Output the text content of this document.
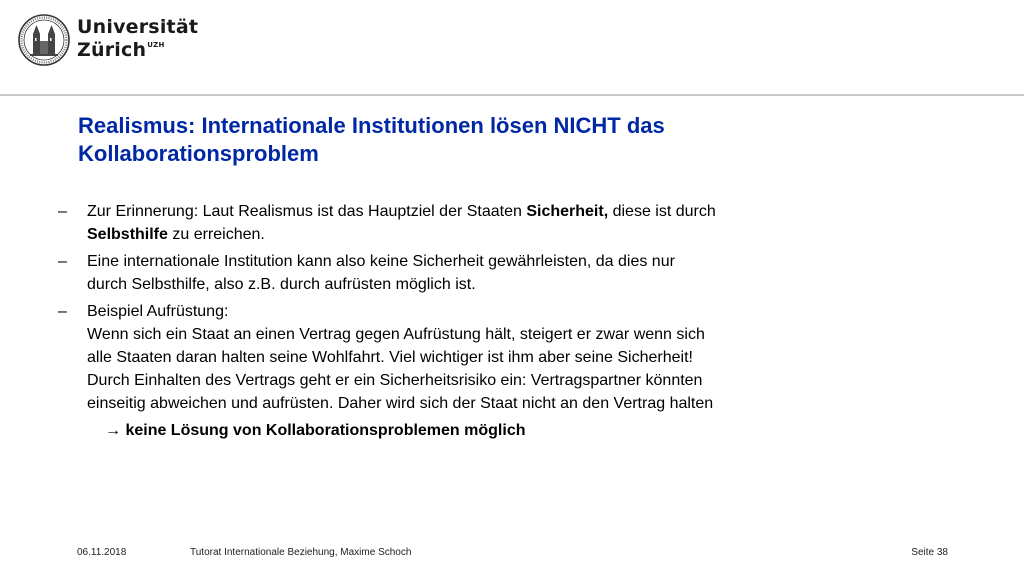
Universität
Zürich$^{UZH}$
Realismus: Internationale Institutionen lösen NICHT das
Kollaborationsproblem
– Zur Erinnerung: Laut Realismus ist das Hauptziel der Staaten Sicherheit, diese ist durch
Selbsthilfe zu erreichen.
– Eine internationale Institution kann also keine Sicherheit gewährleisten, da dies nur
durch Selbsthilfe, also z.B. durch aufrüsten möglich ist.
– Beispiel Aufrüstung:
Wenn sich ein Staat an einen Vertrag gegen Aufrüstung hält, steigert er zwar wenn sich
alle Staaten daran halten seine Wohlfahrt. Viel wichtiger ist ihm aber seine Sicherheit!
Durch Einhalten des Vertrags geht er ein Sicherheitsrisiko ein: Vertragspartner könnten
einseitig abweichen und aufrüsten. Daher wird sich der Staat nicht an den Vertrag halten
→ keine Lösung von Kollaborationsproblemen möglich
06.11.2018	Tutorat Internationale Beziehung, Maxime Schoch	Seite 38
